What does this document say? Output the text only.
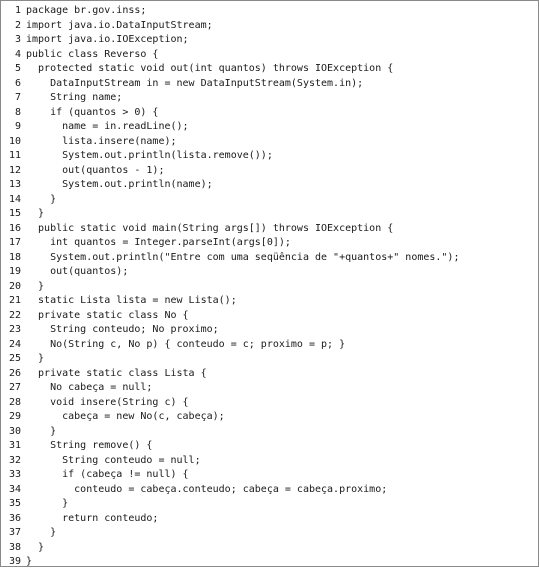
1 package br.gov.inss;
2 import java.io.DataInputStream;
3 import java.io.IOException;
4 public class Reverso {
5  protected static void out(int quantos) throws IOException {
6    DataInputStream in = new DataInputStream(System.in);
7    String name;
8    if (quantos > 0) {
9      name = in.readLine();
10      lista.insere(name);
11      System.out.println(lista.remove());
12      out(quantos - 1);
13      System.out.println(name);
14    }
15  }
16  public static void main(String args[]) throws IOException {
17    int quantos = Integer.parseInt(args[0]);
18    System.out.println("Entre com uma seqüência de "+quantos+" nomes.");
19    out(quantos);
20  }
21  static Lista lista = new Lista();
22  private static class No {
23    String conteudo; No proximo;
24    No(String c, No p) { conteudo = c; proximo = p; }
25  }
26  private static class Lista {
27    No cabeça = null;
28    void insere(String c) {
29      cabeça = new No(c, cabeça);
30    }
31    String remove() {
32      String conteudo = null;
33      if (cabeça != null) {
34        conteudo = cabeça.conteudo; cabeça = cabeça.proximo;
35      }
36      return conteudo;
37    }
38  }
39 }
